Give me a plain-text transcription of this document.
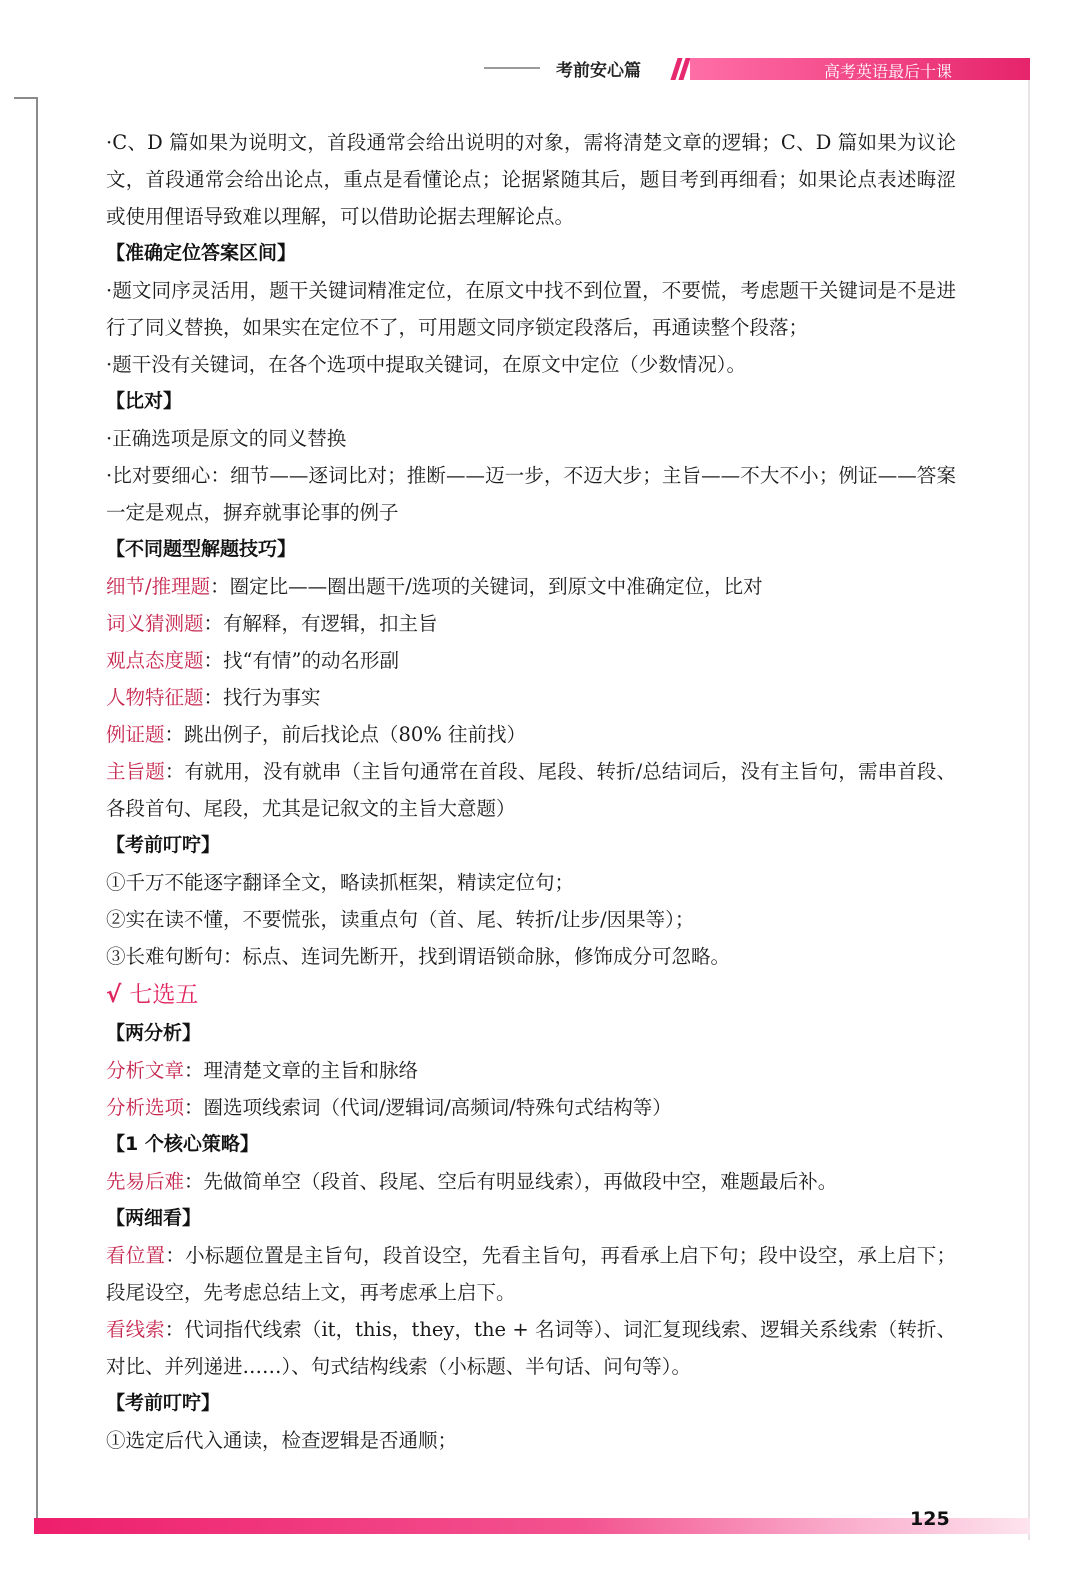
考前安心篇	高考英语最后十课

·C、D 篇如果为说明文，首段通常会给出说明的对象，需将清楚文章的逻辑；C、D 篇如果为议论文，首段通常会给出论点，重点是看懂论点；论据紧随其后，题目考到再细看；如果论点表述晦涩或使用俚语导致难以理解，可以借助论据去理解论点。

【准确定位答案区间】

·题文同序灵活用，题干关键词精准定位，在原文中找不到位置，不要慌，考虑题干关键词是不是进行了同义替换，如果实在定位不了，可用题文同序锁定段落后，再通读整个段落；

·题干没有关键词，在各个选项中提取关键词，在原文中定位（少数情况）。

【比对】

·正确选项是原文的同义替换

·比对要细心：细节——逐词比对；推断——迈一步，不迈大步；主旨——不大不小；例证——答案一定是观点，摒弃就事论事的例子

【不同题型解题技巧】

细节/推理题：圈定比——圈出题干/选项的关键词，到原文中准确定位，比对

词义猜测题：有解释，有逻辑，扣主旨

观点态度题：找“有情”的动名形副

人物特征题：找行为事实

例证题：跳出例子，前后找论点（80% 往前找）

主旨题：有就用，没有就串（主旨句通常在首段、尾段、转折/总结词后，没有主旨句，需串首段、各段首句、尾段，尤其是记叙文的主旨大意题）

【考前叮咛】

①千万不能逐字翻译全文，略读抓框架，精读定位句；

②实在读不懂，不要慌张，读重点句（首、尾、转折/让步/因果等）；

③长难句断句：标点、连词先断开，找到谓语锁命脉，修饰成分可忽略。

√ 七选五

【两分析】

分析文章：理清楚文章的主旨和脉络

分析选项：圈选项线索词（代词/逻辑词/高频词/特殊句式结构等）

【1 个核心策略】

先易后难：先做简单空（段首、段尾、空后有明显线索），再做段中空，难题最后补。

【两细看】

看位置：小标题位置是主旨句，段首设空，先看主旨句，再看承上启下句；段中设空，承上启下；段尾设空，先考虑总结上文，再考虑承上启下。

看线索：代词指代线索（it，this，they，the + 名词等）、词汇复现线索、逻辑关系线索（转折、对比、并列递进……）、句式结构线索（小标题、半句话、问句等）。

【考前叮咛】

①选定后代入通读，检查逻辑是否通顺；

125
